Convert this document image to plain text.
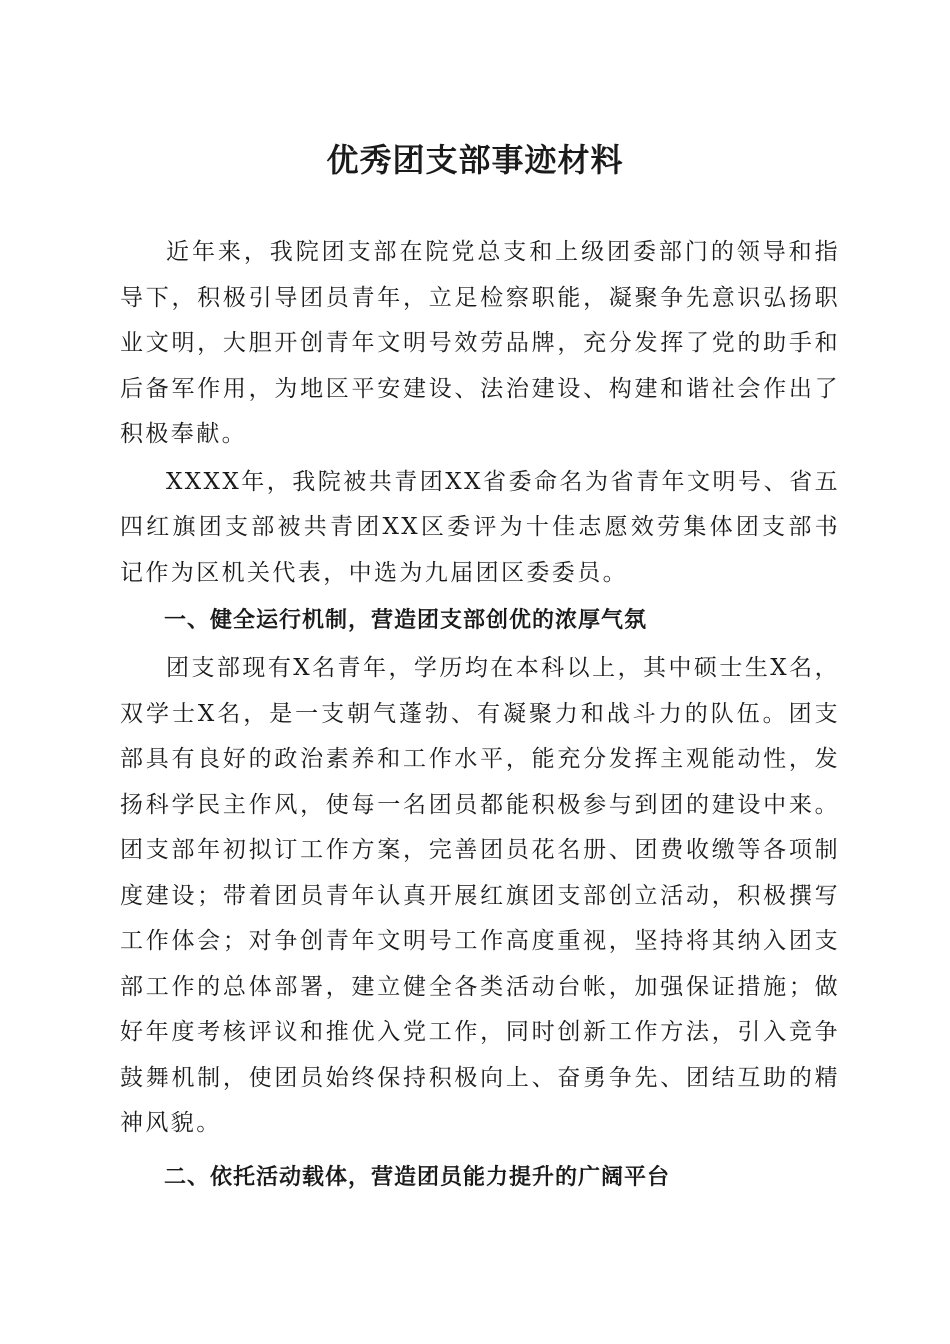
优秀团支部事迹材料

近年来，我院团支部在院党总支和上级团委部门的领导和指导下，积极引导团员青年，立足检察职能，凝聚争先意识弘扬职业文明，大胆开创青年文明号效劳品牌，充分发挥了党的助手和后备军作用，为地区平安建设、法治建设、构建和谐社会作出了积极奉献。

XXXX年，我院被共青团XX省委命名为省青年文明号、省五四红旗团支部被共青团XX区委评为十佳志愿效劳集体团支部书记作为区机关代表，中选为九届团区委委员。

一、健全运行机制，营造团支部创优的浓厚气氛

团支部现有X名青年，学历均在本科以上，其中硕士生X名，双学士X名，是一支朝气蓬勃、有凝聚力和战斗力的队伍。团支部具有良好的政治素养和工作水平，能充分发挥主观能动性，发扬科学民主作风，使每一名团员都能积极参与到团的建设中来。团支部年初拟订工作方案，完善团员花名册、团费收缴等各项制度建设；带着团员青年认真开展红旗团支部创立活动，积极撰写工作体会；对争创青年文明号工作高度重视，坚持将其纳入团支部工作的总体部署，建立健全各类活动台帐，加强保证措施；做好年度考核评议和推优入党工作，同时创新工作方法，引入竞争鼓舞机制，使团员始终保持积极向上、奋勇争先、团结互助的精神风貌。

二、依托活动载体，营造团员能力提升的广阔平台
